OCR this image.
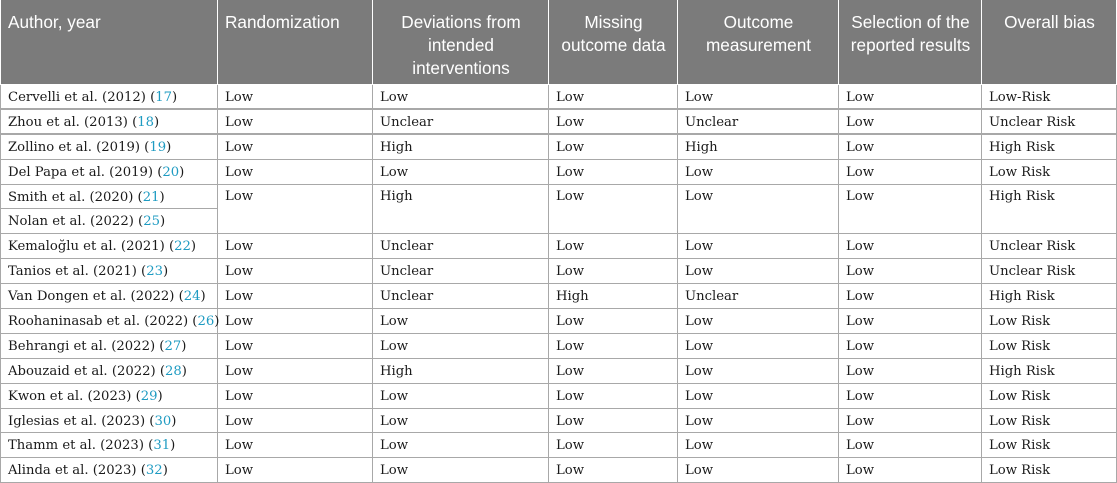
Author, year	Randomization	Deviations from intended interventions	Missing outcome data	Outcome measurement	Selection of the reported results	Overall bias
Cervelli et al. (2012) (17)	Low	Low	Low	Low	Low	Low-Risk
Zhou et al. (2013) (18)	Low	Unclear	Low	Unclear	Low	Unclear Risk
Zollino et al. (2019) (19)	Low	High	Low	High	Low	High Risk
Del Papa et al. (2019) (20)	Low	Low	Low	Low	Low	Low Risk
Smith et al. (2020) (21)	Low	High	Low	Low	Low	High Risk
Nolan et al. (2022) (25)						
Kemaloğlu et al. (2021) (22)	Low	Unclear	Low	Low	Low	Unclear Risk
Tanios et al. (2021) (23)	Low	Unclear	Low	Low	Low	Unclear Risk
Van Dongen et al. (2022) (24)	Low	Unclear	High	Unclear	Low	High Risk
Roohaninasab et al. (2022) (26)	Low	Low	Low	Low	Low	Low Risk
Behrangi et al. (2022) (27)	Low	Low	Low	Low	Low	Low Risk
Abouzaid et al. (2022) (28)	Low	High	Low	Low	Low	High Risk
Kwon et al. (2023) (29)	Low	Low	Low	Low	Low	Low Risk
Iglesias et al. (2023) (30)	Low	Low	Low	Low	Low	Low Risk
Thamm et al. (2023) (31)	Low	Low	Low	Low	Low	Low Risk
Alinda et al. (2023) (32)	Low	Low	Low	Low	Low	Low Risk
